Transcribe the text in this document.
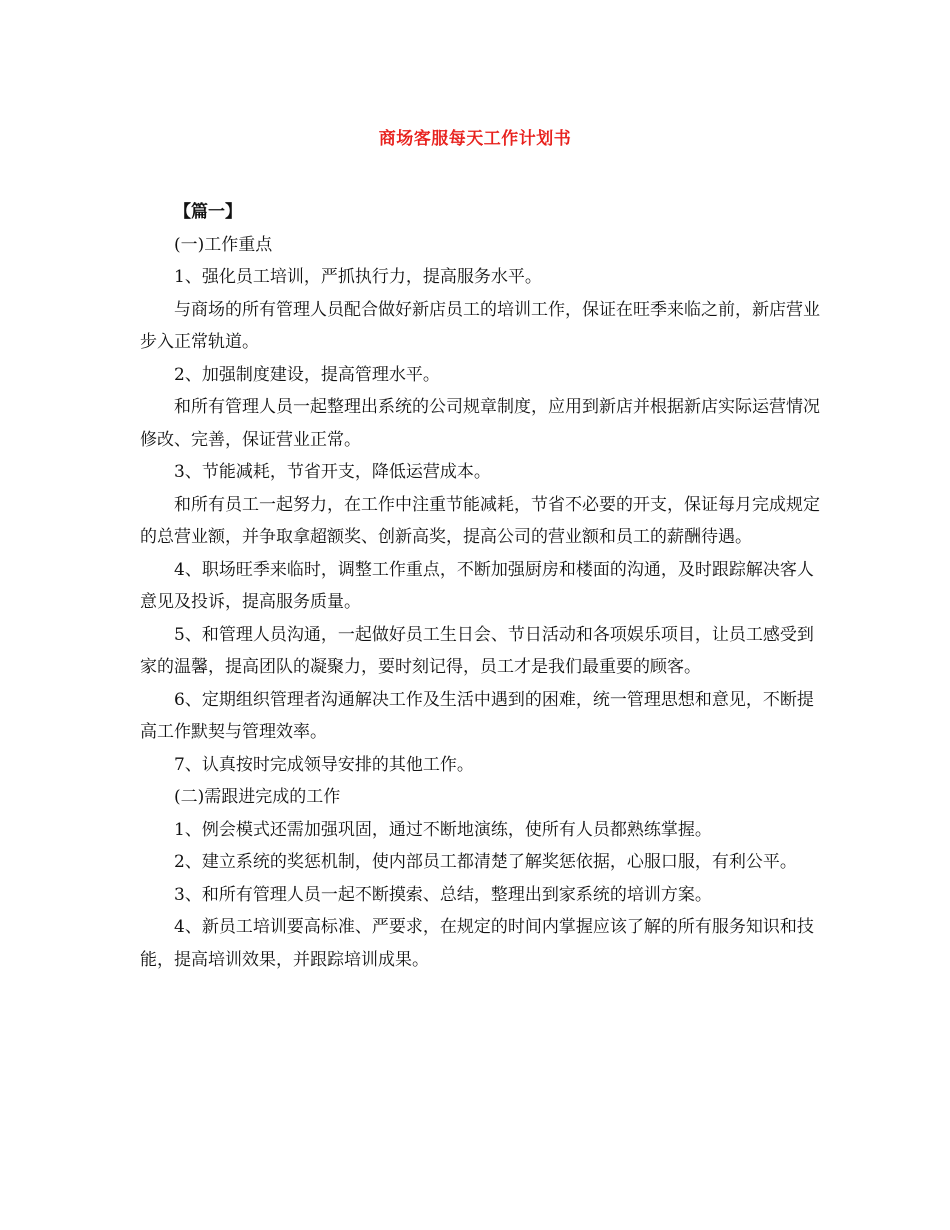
商场客服每天工作计划书

【篇一】

(一)工作重点

1、强化员工培训，严抓执行力，提高服务水平。

与商场的所有管理人员配合做好新店员工的培训工作，保证在旺季来临之前，新店营业步入正常轨道。

2、加强制度建设，提高管理水平。

和所有管理人员一起整理出系统的公司规章制度，应用到新店并根据新店实际运营情况修改、完善，保证营业正常。

3、节能减耗，节省开支，降低运营成本。

和所有员工一起努力，在工作中注重节能减耗，节省不必要的开支，保证每月完成规定的总营业额，并争取拿超额奖、创新高奖，提高公司的营业额和员工的薪酬待遇。

4、职场旺季来临时，调整工作重点，不断加强厨房和楼面的沟通，及时跟踪解决客人意见及投诉，提高服务质量。

5、和管理人员沟通，一起做好员工生日会、节日活动和各项娱乐项目，让员工感受到家的温馨，提高团队的凝聚力，要时刻记得，员工才是我们最重要的顾客。

6、定期组织管理者沟通解决工作及生活中遇到的困难，统一管理思想和意见，不断提高工作默契与管理效率。

7、认真按时完成领导安排的其他工作。

(二)需跟进完成的工作

1、例会模式还需加强巩固，通过不断地演练，使所有人员都熟练掌握。

2、建立系统的奖惩机制，使内部员工都清楚了解奖惩依据，心服口服，有利公平。

3、和所有管理人员一起不断摸索、总结，整理出到家系统的培训方案。

4、新员工培训要高标准、严要求，在规定的时间内掌握应该了解的所有服务知识和技能，提高培训效果，并跟踪培训成果。
